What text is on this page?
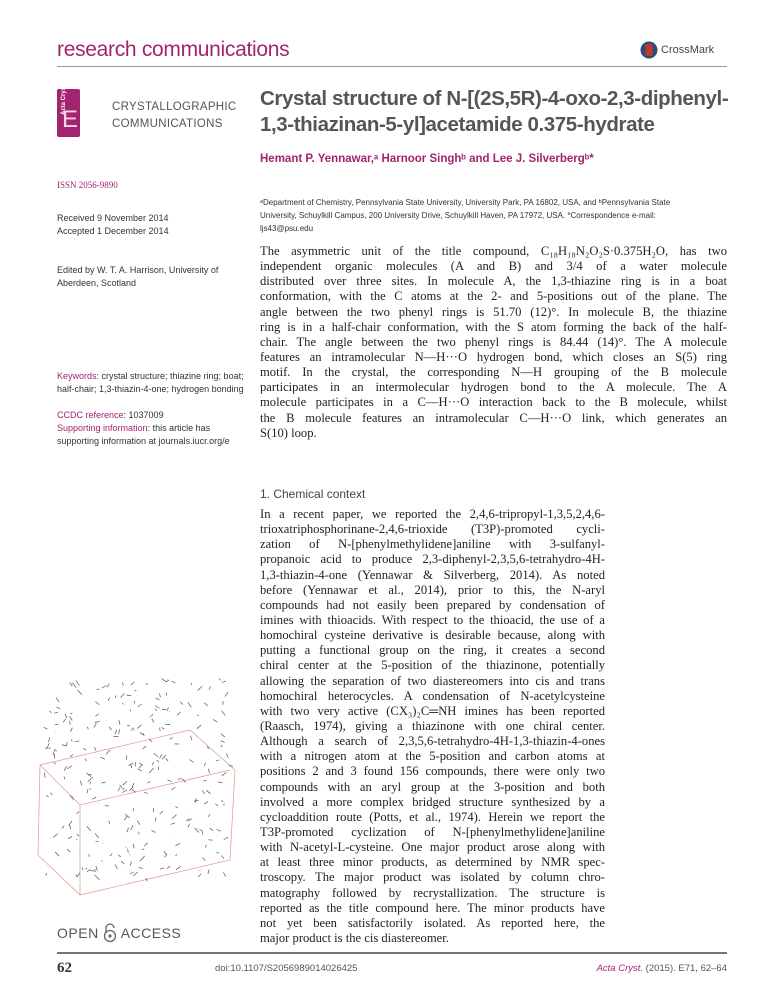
research communications	CrossMark
Acta Cryst
E	CRYSTALLOGRAPHIC
COMMUNICATIONS
ISSN 2056-9890
Crystal structure of N-[(2S,5R)-4-oxo-2,3-diphenyl-
1,3-thiazinan-5-yl]acetamide 0.375-hydrate
Hemant P. Yennawar,ᵃ Harnoor Singhᵇ and Lee J. Silverbergᵇ*
ᵃDepartment of Chemistry, Pennsylvania State University, University Park, PA 16802, USA, and ᵇPennsylvania State
University, Schuylkill Campus, 200 University Drive, Schuylkill Haven, PA 17972, USA. *Correspondence e-mail:
ljs43@psu.edu
Received 9 November 2014
Accepted 1 December 2014
Edited by W. T. A. Harrison, University of
Aberdeen, Scotland
Keywords: crystal structure; thiazine ring; boat;
half-chair; 1,3-thiazin-4-one; hydrogen bonding
CCDC reference: 1037009
Supporting information: this article has
supporting information at journals.iucr.org/e
The asymmetric unit of the title compound, C₁₈H₁₈N₂O₂S·0.375H₂O, has two
independent organic molecules (A and B) and 3/4 of a water molecule
distributed over three sites. In molecule A, the 1,3-thiazine ring is in a boat
conformation, with the C atoms at the 2- and 5-positions out of the plane. The
angle between the two phenyl rings is 51.70 (12)°. In molecule B, the thiazine
ring is in a half-chair conformation, with the S atom forming the back of the half-
chair. The angle between the two phenyl rings is 84.44 (14)°. The A molecule
features an intramolecular N—H···O hydrogen bond, which closes an S(5) ring
motif. In the crystal, the corresponding N—H grouping of the B molecule
participates in an intermolecular hydrogen bond to the A molecule. The A
molecule participates in a C—H···O interaction back to the B molecule, whilst
the B molecule features an intramolecular C—H···O link, which generates an
S(10) loop.
1. Chemical context
In a recent paper, we reported the 2,4,6-tripropyl-1,3,5,2,4,6-
trioxatriphosphorinane-2,4,6-trioxide (T3P)-promoted cycli-
zation of N-[phenylmethylidene]aniline with 3-sulfanyl-
propanoic acid to produce 2,3-diphenyl-2,3,5,6-tetrahydro-4H-
1,3-thiazin-4-one (Yennawar & Silverberg, 2014). As noted
before (Yennawar et al., 2014), prior to this, the N-aryl
compounds had not easily been prepared by condensation of
imines with thioacids. With respect to the thioacid, the use of a
homochiral cysteine derivative is desirable because, along with
putting a functional group on the ring, it creates a second
chiral center at the 5-position of the thiazinone, potentially
allowing the separation of two diastereomers into cis and trans
homochiral heterocycles. A condensation of N-acetylcysteine
with two very active (CX₃)₂C═NH imines has been reported
(Raasch, 1974), giving a thiazinone with one chiral center.
Although a search of 2,3,5,6-tetrahydro-4H-1,3-thiazin-4-ones
with a nitrogen atom at the 5-position and carbon atoms at
positions 2 and 3 found 156 compounds, there were only two
compounds with an aryl group at the 3-position and both
involved a more complex bridged structure synthesized by a
cycloaddition route (Potts, et al., 1974). Herein we report the
T3P-promoted cyclization of N-[phenylmethylidene]aniline
with N-acetyl-L-cysteine. One major product arose along with
at least three minor products, as determined by NMR spec-
troscopy. The major product was isolated by column chro-
matography followed by recrystallization. The structure is
reported as the title compound here. The minor products have
not yet been satisfactorily isolated. As reported here, the
major product is the cis diastereomer.
OPEN ACCESS
62	doi:10.1107/S2056989014026425	Acta Cryst. (2015). E71, 62–64
